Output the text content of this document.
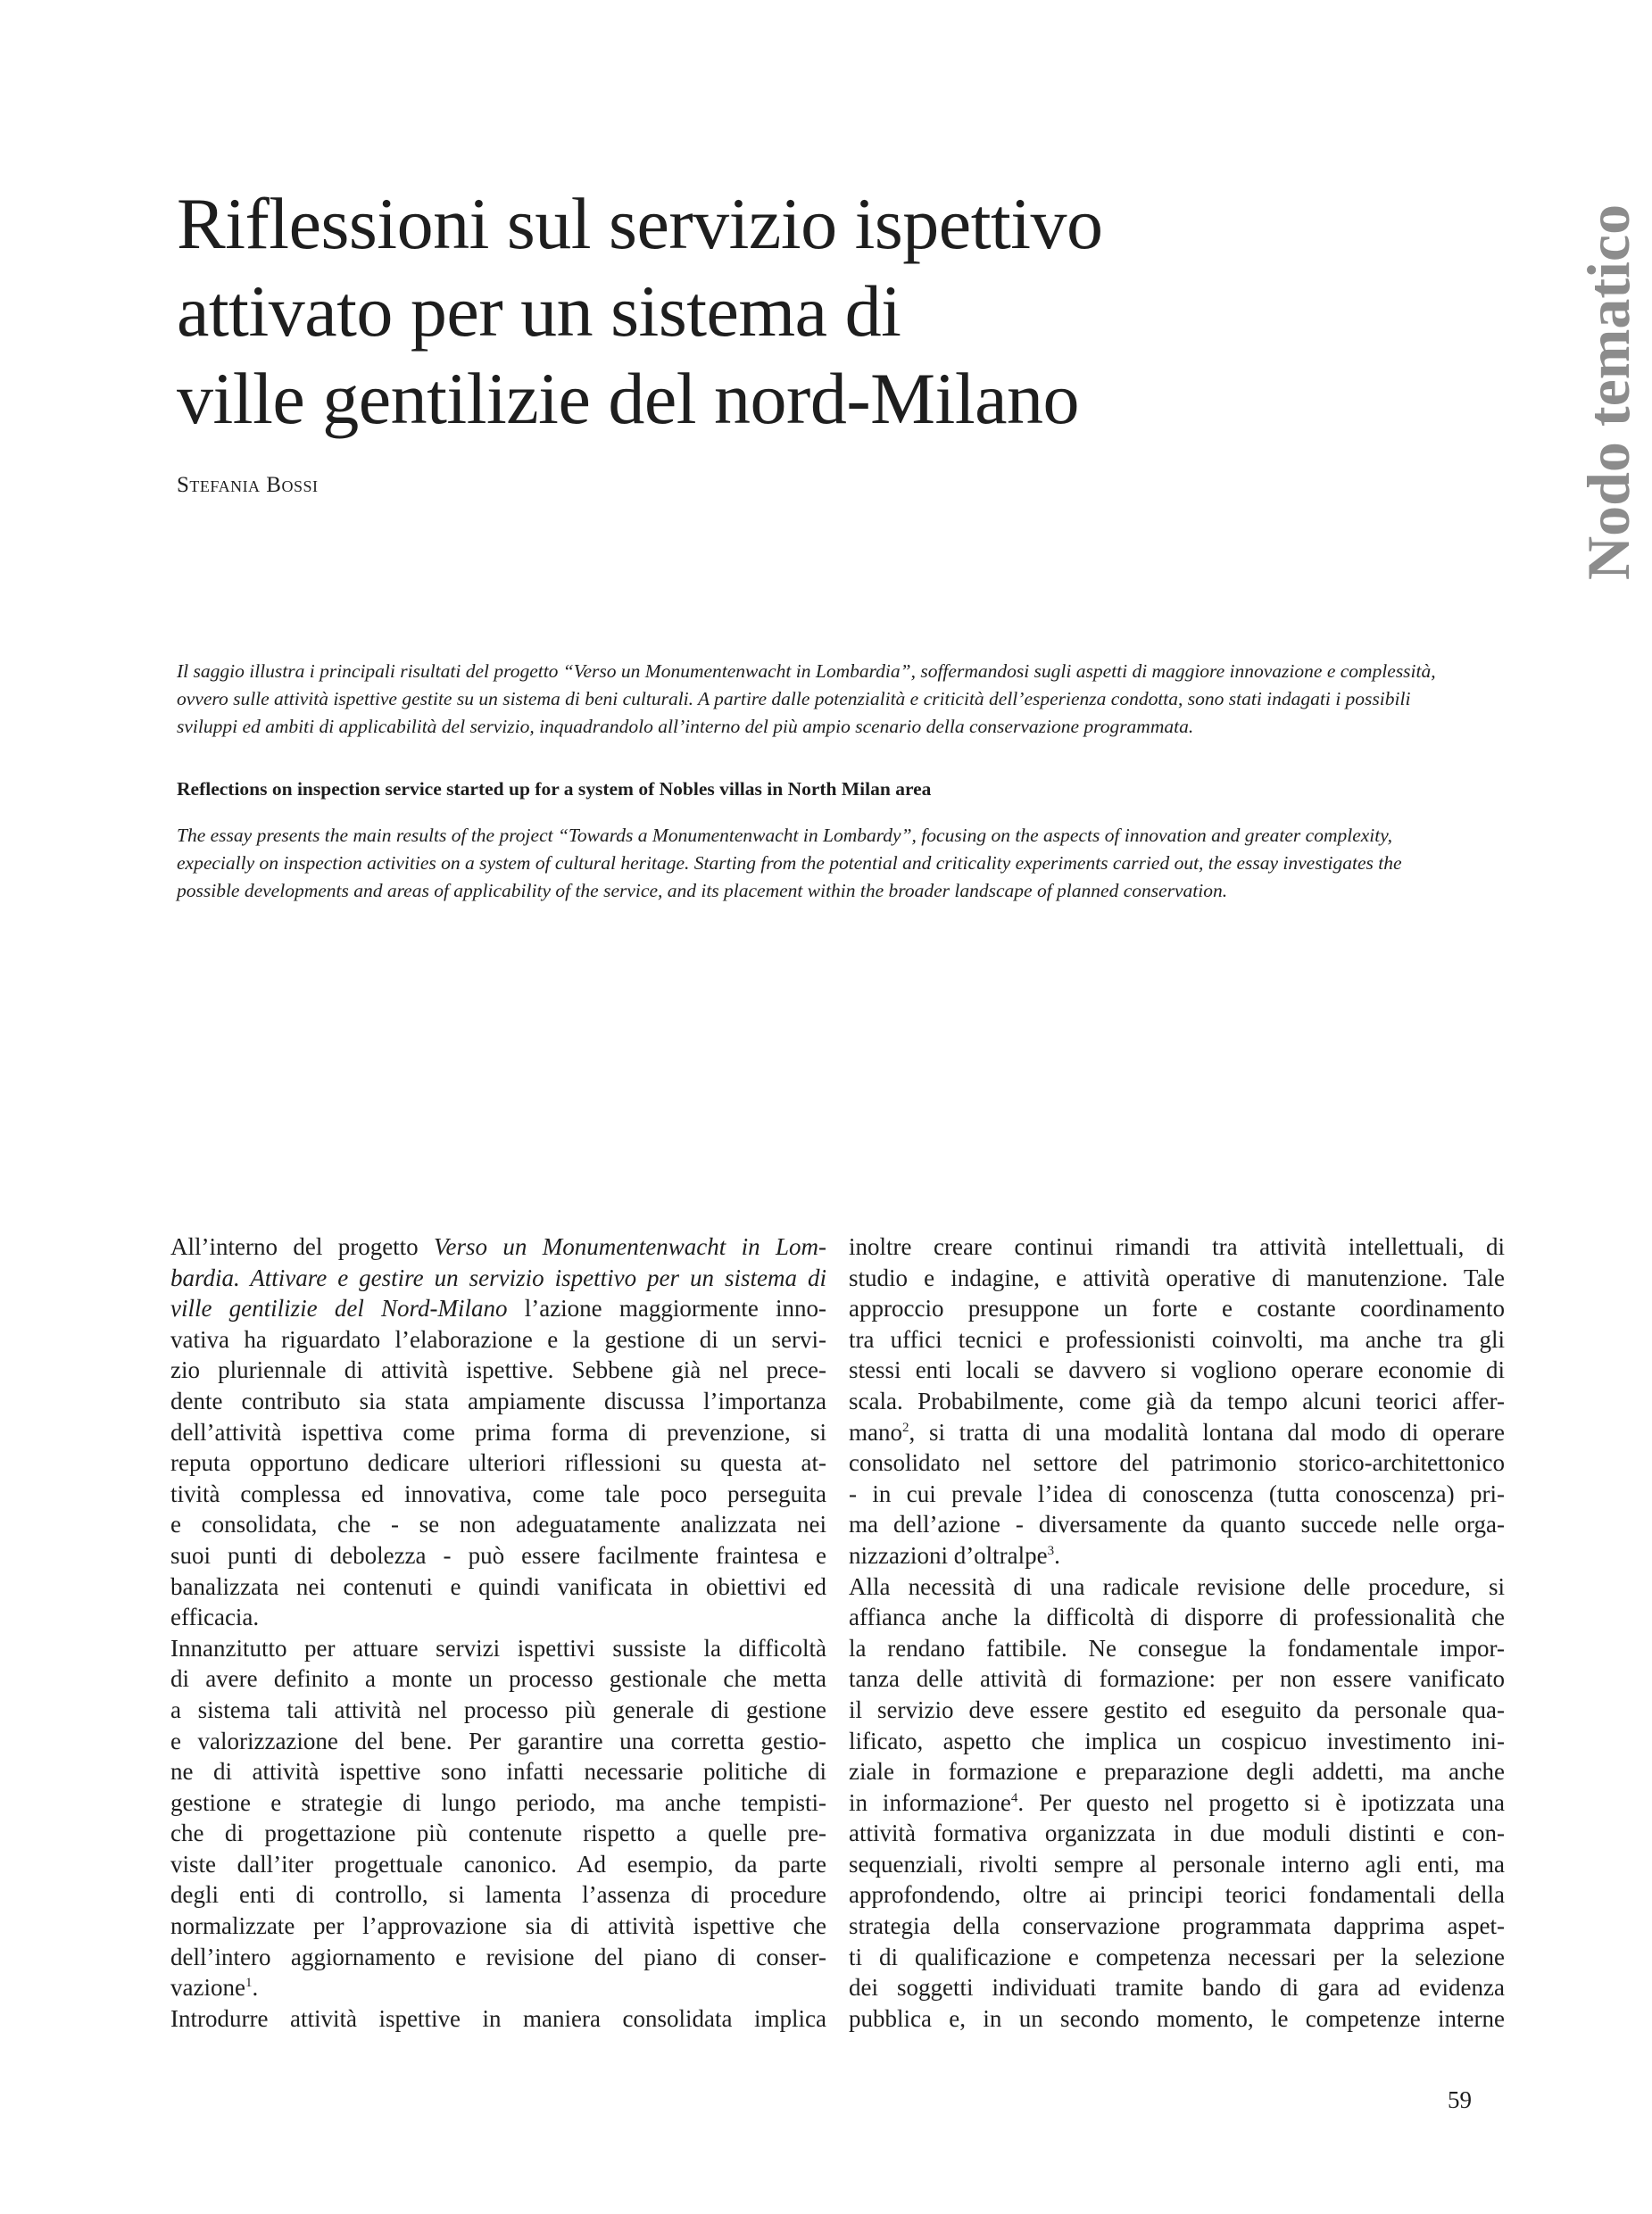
Riflessioni sul servizio ispettivo
attivato per un sistema di
ville gentilizie del nord-Milano
Stefania Bossi	Nodo tematico

Il saggio illustra i principali risultati del progetto “Verso un Monumentenwacht in Lombardia”, soffermandosi sugli aspetti di maggiore innovazione e complessità,
ovvero sulle attività ispettive gestite su un sistema di beni culturali. A partire dalle potenzialità e criticità dell’esperienza condotta, sono stati indagati i possibili
sviluppi ed ambiti di applicabilità del servizio, inquadrandolo all’interno del più ampio scenario della conservazione programmata.

Reflections on inspection service started up for a system of Nobles villas in North Milan area

The essay presents the main results of the project “Towards a Monumentenwacht in Lombardy”, focusing on the aspects of innovation and greater complexity,
expecially on inspection activities on a system of cultural heritage. Starting from the potential and criticality experiments carried out, the essay investigates the
possible developments and areas of applicability of the service, and its placement within the broader landscape of planned conservation.

All’interno del progetto Verso un Monumentenwacht in Lom-
bardia. Attivare e gestire un servizio ispettivo per un sistema di
ville gentilizie del Nord-Milano l’azione maggiormente inno-
vativa ha riguardato l’elaborazione e la gestione di un servi-
zio pluriennale di attività ispettive. Sebbene già nel prece-
dente contributo sia stata ampiamente discussa l’importanza
dell’attività ispettiva come prima forma di prevenzione, si
reputa opportuno dedicare ulteriori riflessioni su questa at-
tività complessa ed innovativa, come tale poco perseguita
e consolidata, che - se non adeguatamente analizzata nei
suoi punti di debolezza - può essere facilmente fraintesa e
banalizzata nei contenuti e quindi vanificata in obiettivi ed
efficacia.
Innanzitutto per attuare servizi ispettivi sussiste la difficoltà
di avere definito a monte un processo gestionale che metta
a sistema tali attività nel processo più generale di gestione
e valorizzazione del bene. Per garantire una corretta gestio-
ne di attività ispettive sono infatti necessarie politiche di
gestione e strategie di lungo periodo, ma anche tempisti-
che di progettazione più contenute rispetto a quelle pre-
viste dall’iter progettuale canonico. Ad esempio, da parte
degli enti di controllo, si lamenta l’assenza di procedure
normalizzate per l’approvazione sia di attività ispettive che
dell’intero aggiornamento e revisione del piano di conser-
vazione$^1$.
Introdurre attività ispettive in maniera consolidata implica
inoltre creare continui rimandi tra attività intellettuali, di
studio e indagine, e attività operative di manutenzione. Tale
approccio presuppone un forte e costante coordinamento
tra uffici tecnici e professionisti coinvolti, ma anche tra gli
stessi enti locali se davvero si vogliono operare economie di
scala. Probabilmente, come già da tempo alcuni teorici affer-
mano$^2$, si tratta di una modalità lontana dal modo di operare
consolidato nel settore del patrimonio storico-architettonico
- in cui prevale l’idea di conoscenza (tutta conoscenza) pri-
ma dell’azione - diversamente da quanto succede nelle orga-
nizzazioni d’oltralpe$^3$.
Alla necessità di una radicale revisione delle procedure, si
affianca anche la difficoltà di disporre di professionalità che
la rendano fattibile. Ne consegue la fondamentale impor-
tanza delle attività di formazione: per non essere vanificato
il servizio deve essere gestito ed eseguito da personale qua-
lificato, aspetto che implica un cospicuo investimento ini-
ziale in formazione e preparazione degli addetti, ma anche
in informazione$^4$. Per questo nel progetto si è ipotizzata una
attività formativa organizzata in due moduli distinti e con-
sequenziali, rivolti sempre al personale interno agli enti, ma
approfondendo, oltre ai principi teorici fondamentali della
strategia della conservazione programmata dapprima aspet-
ti di qualificazione e competenza necessari per la selezione
dei soggetti individuati tramite bando di gara ad evidenza
pubblica e, in un secondo momento, le competenze interne
59
